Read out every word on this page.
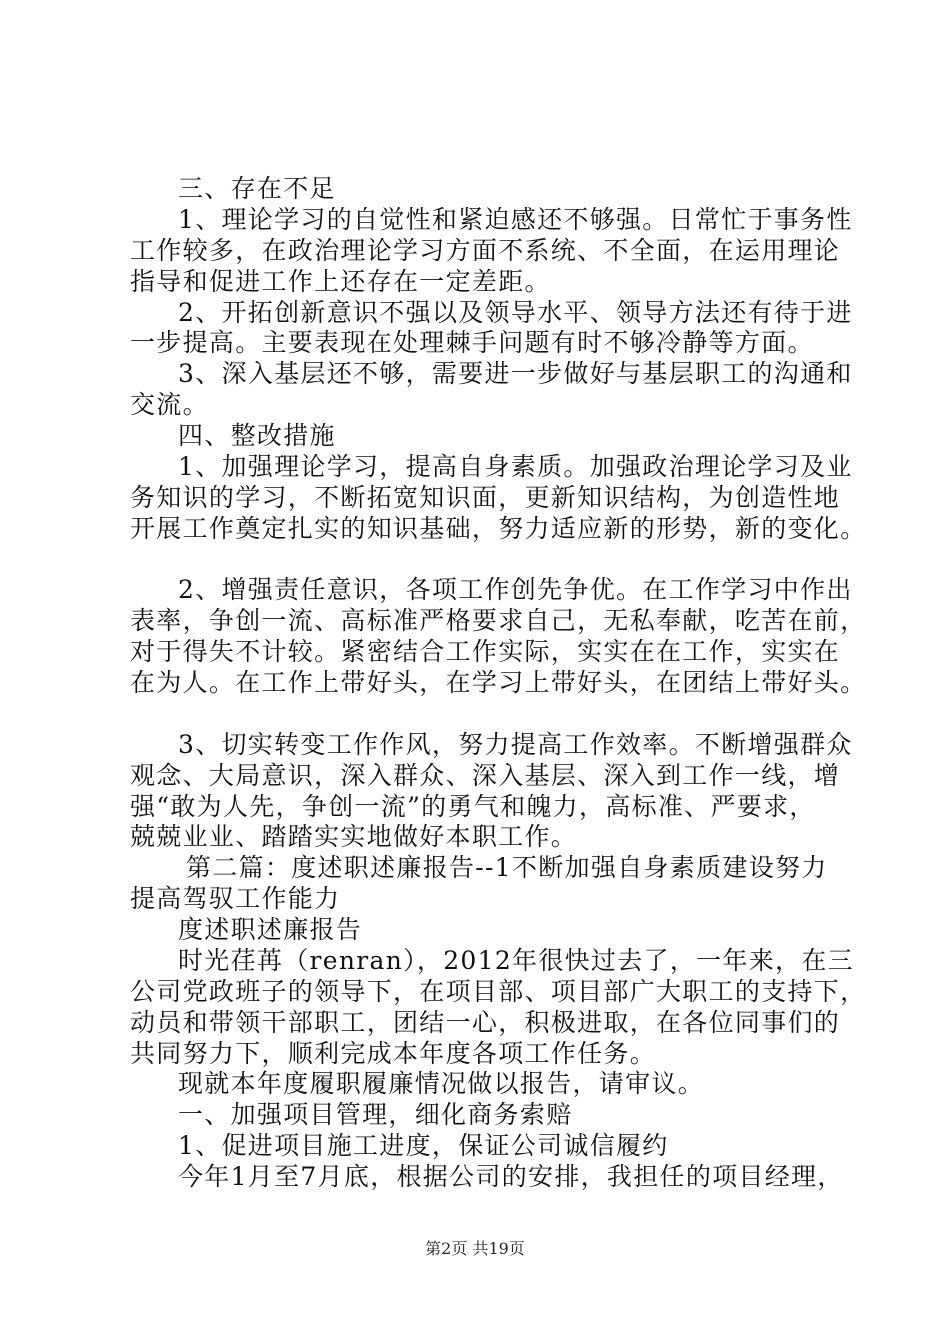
三、存在不足
1、理论学习的自觉性和紧迫感还不够强。日常忙于事务性
工作较多，在政治理论学习方面不系统、不全面，在运用理论
指导和促进工作上还存在一定差距。
2、开拓创新意识不强以及领导水平、领导方法还有待于进
一步提高。主要表现在处理棘手问题有时不够冷静等方面。
3、深入基层还不够，需要进一步做好与基层职工的沟通和
交流。
四、整改措施
1、加强理论学习，提高自身素质。加强政治理论学习及业
务知识的学习，不断拓宽知识面，更新知识结构，为创造性地
开展工作奠定扎实的知识基础，努力适应新的形势，新的变化。
2、增强责任意识，各项工作创先争优。在工作学习中作出
表率，争创一流、高标准严格要求自己，无私奉献，吃苦在前，
对于得失不计较。紧密结合工作实际，实实在在工作，实实在
在为人。在工作上带好头，在学习上带好头，在团结上带好头。
3、切实转变工作作风，努力提高工作效率。不断增强群众
观念、大局意识，深入群众、深入基层、深入到工作一线，增
强“敢为人先，争创一流”的勇气和魄力，高标准、严要求，
兢兢业业、踏踏实实地做好本职工作。
第二篇：度述职述廉报告--1不断加强自身素质建设努力
提高驾驭工作能力
度述职述廉报告
时光荏苒（renran），2012年很快过去了，一年来，在三
公司党政班子的领导下，在项目部、项目部广大职工的支持下，
动员和带领干部职工，团结一心，积极进取，在各位同事们的
共同努力下，顺利完成本年度各项工作任务。
现就本年度履职履廉情况做以报告，请审议。
一、加强项目管理，细化商务索赔
1、促进项目施工进度，保证公司诚信履约
今年1月至7月底，根据公司的安排，我担任的项目经理，
第2页 共19页
